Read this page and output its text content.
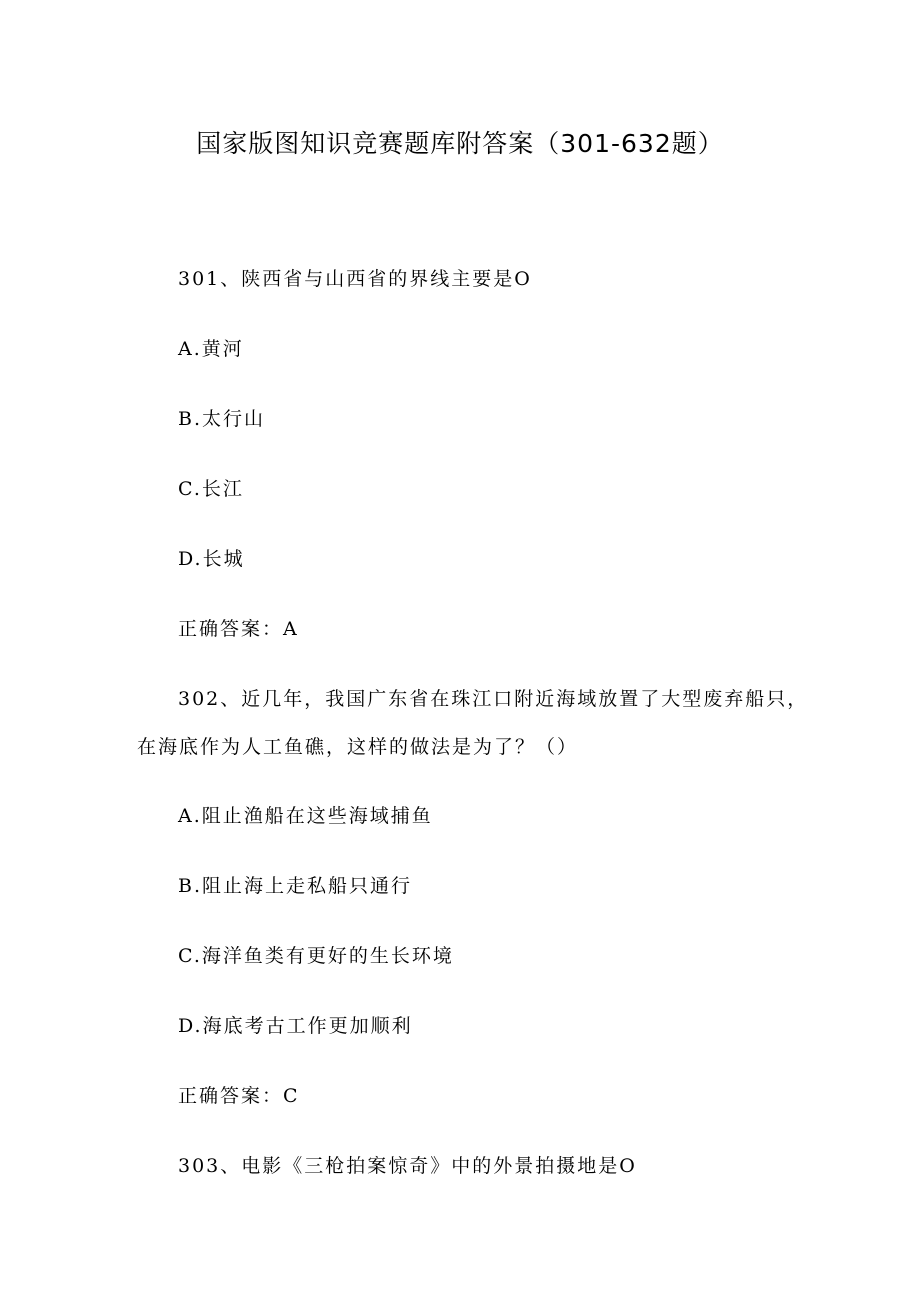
国家版图知识竞赛题库附答案（301-632题）
301、陕西省与山西省的界线主要是O
A.黄河
B.太行山
C.长江
D.长城
正确答案：A
302、近几年，我国广东省在珠江口附近海域放置了大型废弃船只，
在海底作为人工鱼礁，这样的做法是为了？（）
A.阻止渔船在这些海域捕鱼
B.阻止海上走私船只通行
C.海洋鱼类有更好的生长环境
D.海底考古工作更加顺利
正确答案：C
303、电影《三枪拍案惊奇》中的外景拍摄地是O
